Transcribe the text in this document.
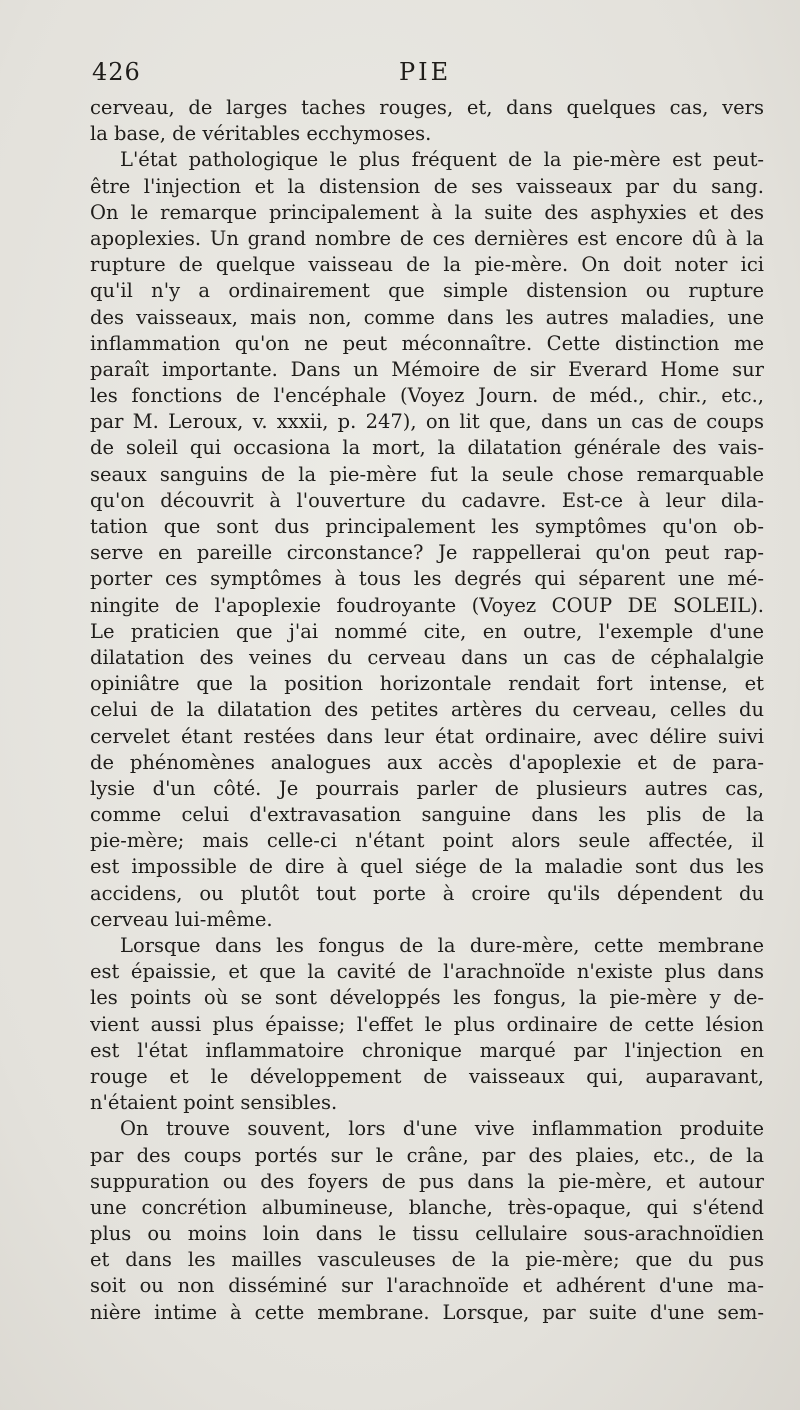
426	PIE
cerveau, de larges taches rouges, et, dans quelques cas, vers
la base, de véritables ecchymoses.
L'état pathologique le plus fréquent de la pie-mère est peut-
être l'injection et la distension de ses vaisseaux par du sang.
On le remarque principalement à la suite des asphyxies et des
apoplexies. Un grand nombre de ces dernières est encore dû à la
rupture de quelque vaisseau de la pie-mère. On doit noter ici
qu'il n'y a ordinairement que simple distension ou rupture
des vaisseaux, mais non, comme dans les autres maladies, une
inflammation qu'on ne peut méconnaître. Cette distinction me
paraît importante. Dans un Mémoire de sir Everard Home sur
les fonctions de l'encéphale (Voyez Journ. de méd., chir., etc.,
par M. Leroux, v. xxxii, p. 247), on lit que, dans un cas de coups
de soleil qui occasiona la mort, la dilatation générale des vais-
seaux sanguins de la pie-mère fut la seule chose remarquable
qu'on découvrit à l'ouverture du cadavre. Est-ce à leur dila-
tation que sont dus principalement les symptômes qu'on ob-
serve en pareille circonstance? Je rappellerai qu'on peut rap-
porter ces symptômes à tous les degrés qui séparent une mé-
ningite de l'apoplexie foudroyante (Voyez COUP DE SOLEIL).
Le praticien que j'ai nommé cite, en outre, l'exemple d'une
dilatation des veines du cerveau dans un cas de céphalalgie
opiniâtre que la position horizontale rendait fort intense, et
celui de la dilatation des petites artères du cerveau, celles du
cervelet étant restées dans leur état ordinaire, avec délire suivi
de phénomènes analogues aux accès d'apoplexie et de para-
lysie d'un côté. Je pourrais parler de plusieurs autres cas,
comme celui d'extravasation sanguine dans les plis de la
pie-mère; mais celle-ci n'étant point alors seule affectée, il
est impossible de dire à quel siége de la maladie sont dus les
accidens, ou plutôt tout porte à croire qu'ils dépendent du
cerveau lui-même.
Lorsque dans les fongus de la dure-mère, cette membrane
est épaissie, et que la cavité de l'arachnoïde n'existe plus dans
les points où se sont développés les fongus, la pie-mère y de-
vient aussi plus épaisse; l'effet le plus ordinaire de cette lésion
est l'état inflammatoire chronique marqué par l'injection en
rouge et le développement de vaisseaux qui, auparavant,
n'étaient point sensibles.
On trouve souvent, lors d'une vive inflammation produite
par des coups portés sur le crâne, par des plaies, etc., de la
suppuration ou des foyers de pus dans la pie-mère, et autour
une concrétion albumineuse, blanche, très-opaque, qui s'étend
plus ou moins loin dans le tissu cellulaire sous-arachnoïdien
et dans les mailles vasculeuses de la pie-mère; que du pus
soit ou non disséminé sur l'arachnoïde et adhérent d'une ma-
nière intime à cette membrane. Lorsque, par suite d'une sem-
